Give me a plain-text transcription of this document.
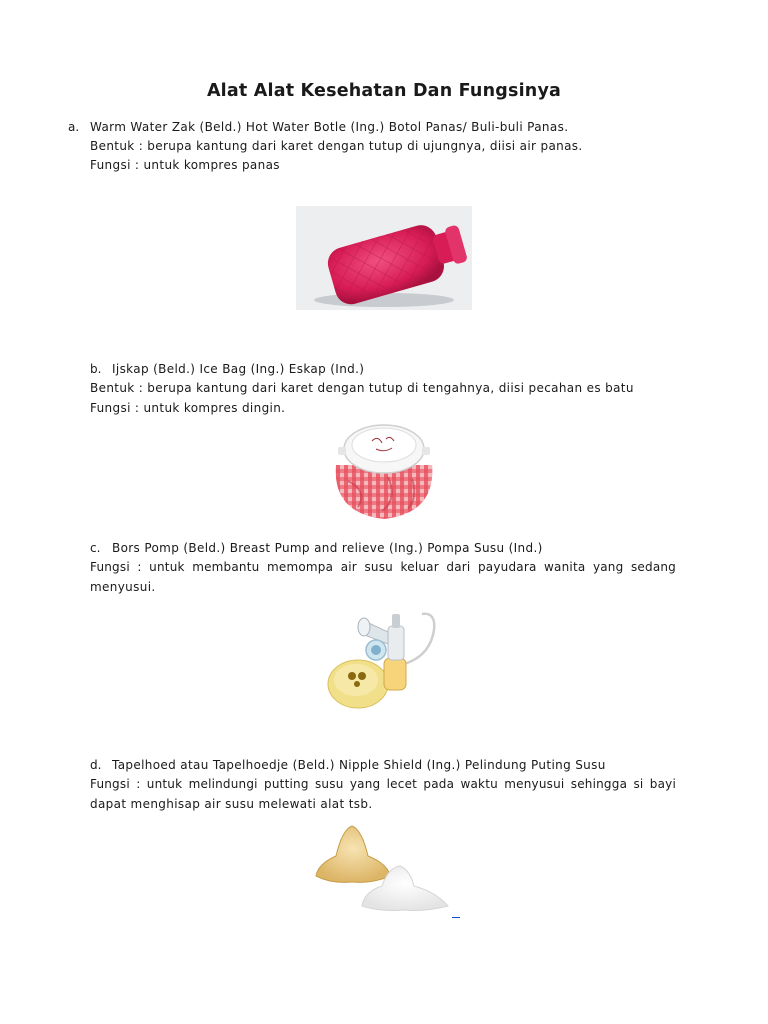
Alat Alat Kesehatan Dan Fungsinya
a. Warm Water Zak (Beld.) Hot Water Botle (Ing.) Botol Panas/ Buli-buli Panas.
Bentuk : berupa kantung dari karet dengan tutup di ujungnya, diisi air panas.
Fungsi : untuk kompres panas
b. Ijskap (Beld.) Ice Bag (Ing.) Eskap (Ind.)
Bentuk : berupa kantung dari karet dengan tutup di tengahnya, diisi pecahan es batu
Fungsi : untuk kompres dingin.
c. Bors Pomp (Beld.) Breast Pump and relieve (Ing.) Pompa Susu (Ind.)
Fungsi : untuk membantu memompa air susu keluar dari payudara wanita yang sedang
menyusui.
d. Tapelhoed atau Tapelhoedje (Beld.) Nipple Shield (Ing.) Pelindung Puting Susu
Fungsi : untuk melindungi putting susu yang lecet pada waktu menyusui sehingga si bayi
dapat menghisap air susu melewati alat tsb.
